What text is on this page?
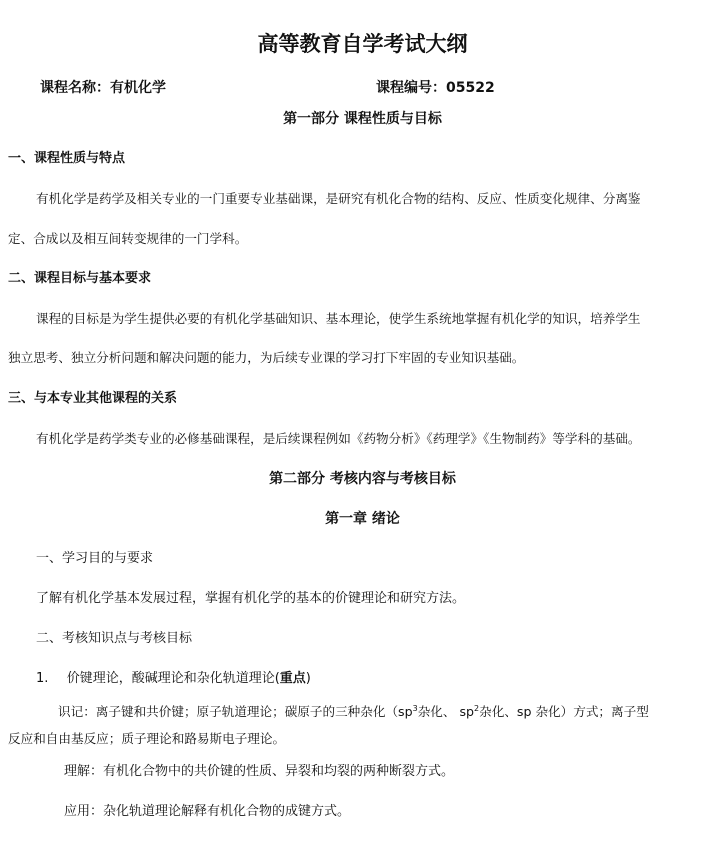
高等教育自学考试大纲
课程名称：有机化学	课程编号：05522
第一部分 课程性质与目标
一、课程性质与特点
有机化学是药学及相关专业的一门重要专业基础课，是研究有机化合物的结构、反应、性质变化规律、分离鉴
定、合成以及相互间转变规律的一门学科。
二、课程目标与基本要求
课程的目标是为学生提供必要的有机化学基础知识、基本理论，使学生系统地掌握有机化学的知识，培养学生
独立思考、独立分析问题和解决问题的能力，为后续专业课的学习打下牢固的专业知识基础。
三、与本专业其他课程的关系
有机化学是药学类专业的必修基础课程，是后续课程例如《药物分析》《药理学》《生物制药》等学科的基础。
第二部分 考核内容与考核目标
第一章 绪论
一、学习目的与要求
了解有机化学基本发展过程，掌握有机化学的基本的价键理论和研究方法。
二、考核知识点与考核目标
1. 价键理论，酸碱理论和杂化轨道理论(重点)
识记：离子键和共价键；原子轨道理论；碳原子的三种杂化（$sp^3$杂化、 $sp^2$杂化、sp 杂化）方式；离子型
反应和自由基反应；质子理论和路易斯电子理论。
理解：有机化合物中的共价键的性质、异裂和均裂的两种断裂方式。
应用：杂化轨道理论解释有机化合物的成键方式。
